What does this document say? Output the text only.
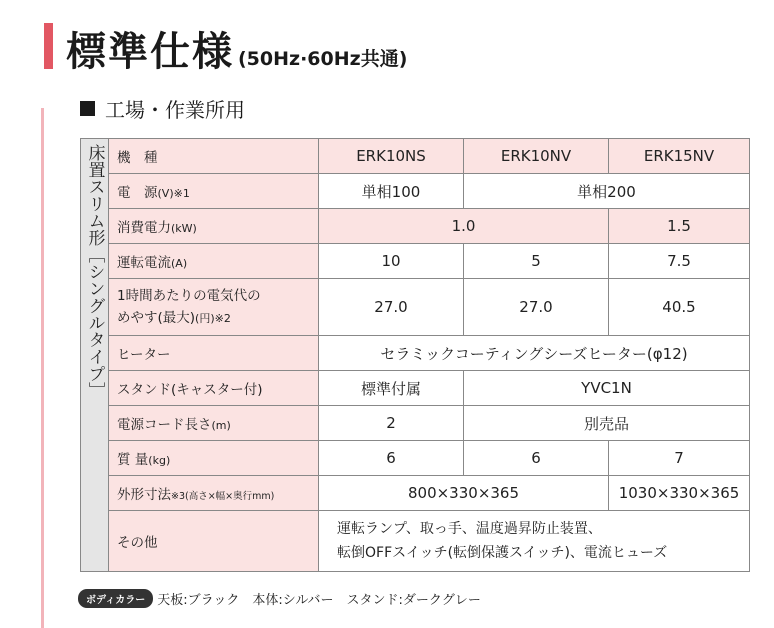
標準仕様 (50Hz·60Hz共通)
工場・作業所用
床置スリム形［シングルタイプ］	機　種	ERK10NS	ERK10NV	ERK15NV
	電　源(V)※1	単相100	単相200	
	消費電力(kW)	1.0		1.5
	運転電流(A)	10	5	7.5
	1時間あたりの電気代の
めやす(最大)(円)※2	27.0	27.0	40.5
	ヒーター	セラミックコーティングシーズヒーター(φ12)		
	スタンド(キャスター付)	標準付属	YVC1N	
	電源コード長さ(m)	2	別売品	
	質 量(kg)	6	6	7
	外形寸法※3(高さ×幅×奥行mm)	800×330×365		1030×330×365
	その他	運転ランプ、取っ手、温度過昇防止装置、
転倒OFFスイッチ(転倒保護スイッチ)、電流ヒューズ		
ボディカラー 天板:ブラック　本体:シルバー　スタンド:ダークグレー
